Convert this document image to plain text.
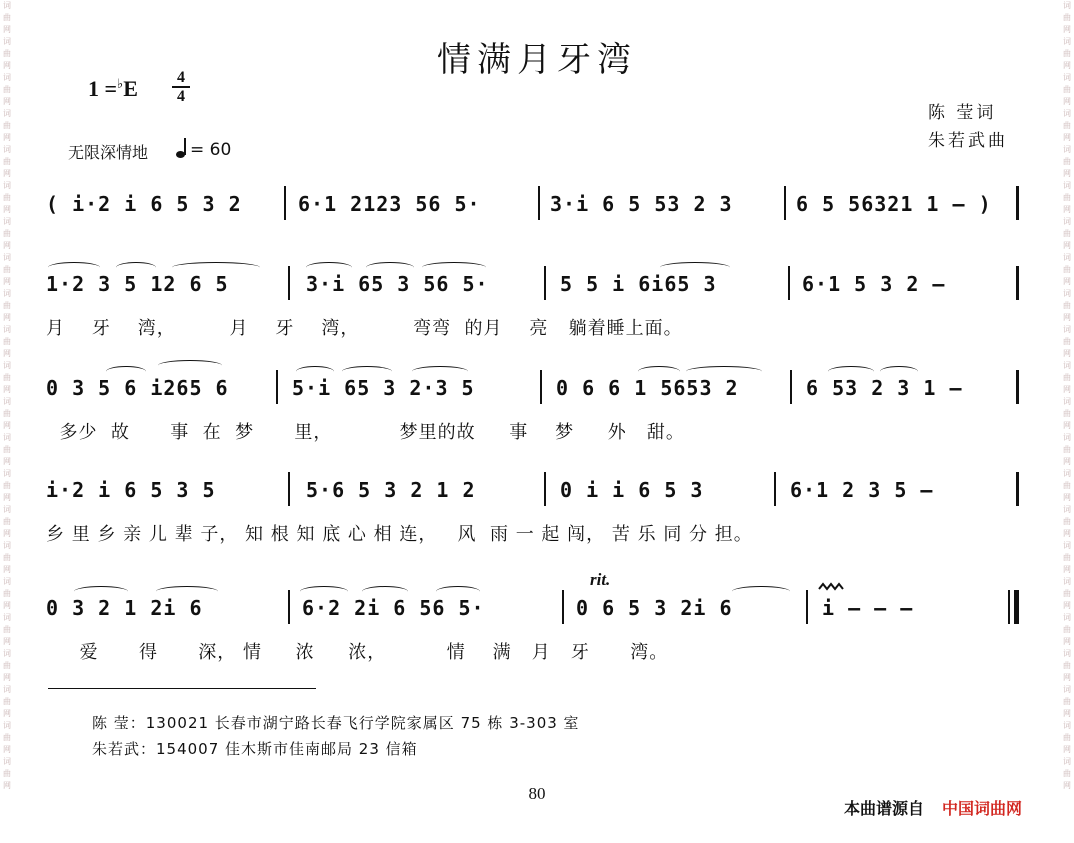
词
曲
网
词
曲
网
词
曲
网
词
曲
网
词
曲
网
词
曲
网
词
曲
网
词
曲
网
词
曲
网
词
曲
网
词
曲
网
词
曲
网
词
曲
网
词
曲
网
词
曲
网
词
曲
网
词
曲
网
词
曲
网
词
曲
网
词
曲
网
词
曲
网
词
曲
网
词
曲
网
词
曲
网
词
曲
网
词
曲
网
词
曲
网
词
曲
网
词
曲
网
词
曲
网
词
曲
网
词
曲
网
词
曲
网
词
曲
网
词
曲
网
词
曲
网
词
曲
网
词
曲
网
词
曲
网
词
曲
网
词
曲
网
词
曲
网
词
曲
网
词
曲
网
情满月牙湾
1 =♭E	4
4
陈 莹词
朱若武曲
无限深情地	= 60
( i·2 i 6 5 3 2	6·1 2123 56 5·	3·i 6 5 53 2 3	6 5 56321 1 – )
1·2 3 5 12 6 5	3·i 65 3 56 5·	5 5 i 6i65 3	6·1 5 3 2 –
月    牙    湾，        月    牙    湾，        弯弯  的月    亮   躺着睡上面。
0 3 5 6 i265 6	5·i 65 3 2·3 5	0 6 6 1 5653 2	6 53 2 3 1 –
多少  故      事  在  梦      里，          梦里的故     事    梦     外   甜。
i·2 i 6 5 3 5	5·6 5 3 2 1 2	0 i i 6 5 3	6·1 2 3 5 –
乡 里 乡 亲 儿 辈 子， 知 根 知 底 心 相 连，   风  雨 一 起 闯， 苦 乐 同 分 担。
rit.
0 3 2 1 2i 6	6·2 2i 6 56 5·	0 6 5 3 2i 6	i – – –
爱      得      深， 情     浓     浓，         情    满   月   牙      湾。
陈 莹：130021 长春市湖宁路长春飞行学院家属区 75 栋 3-303 室
朱若武：154007 佳木斯市佳南邮局 23 信箱
80
本曲谱源自 中国词曲网
